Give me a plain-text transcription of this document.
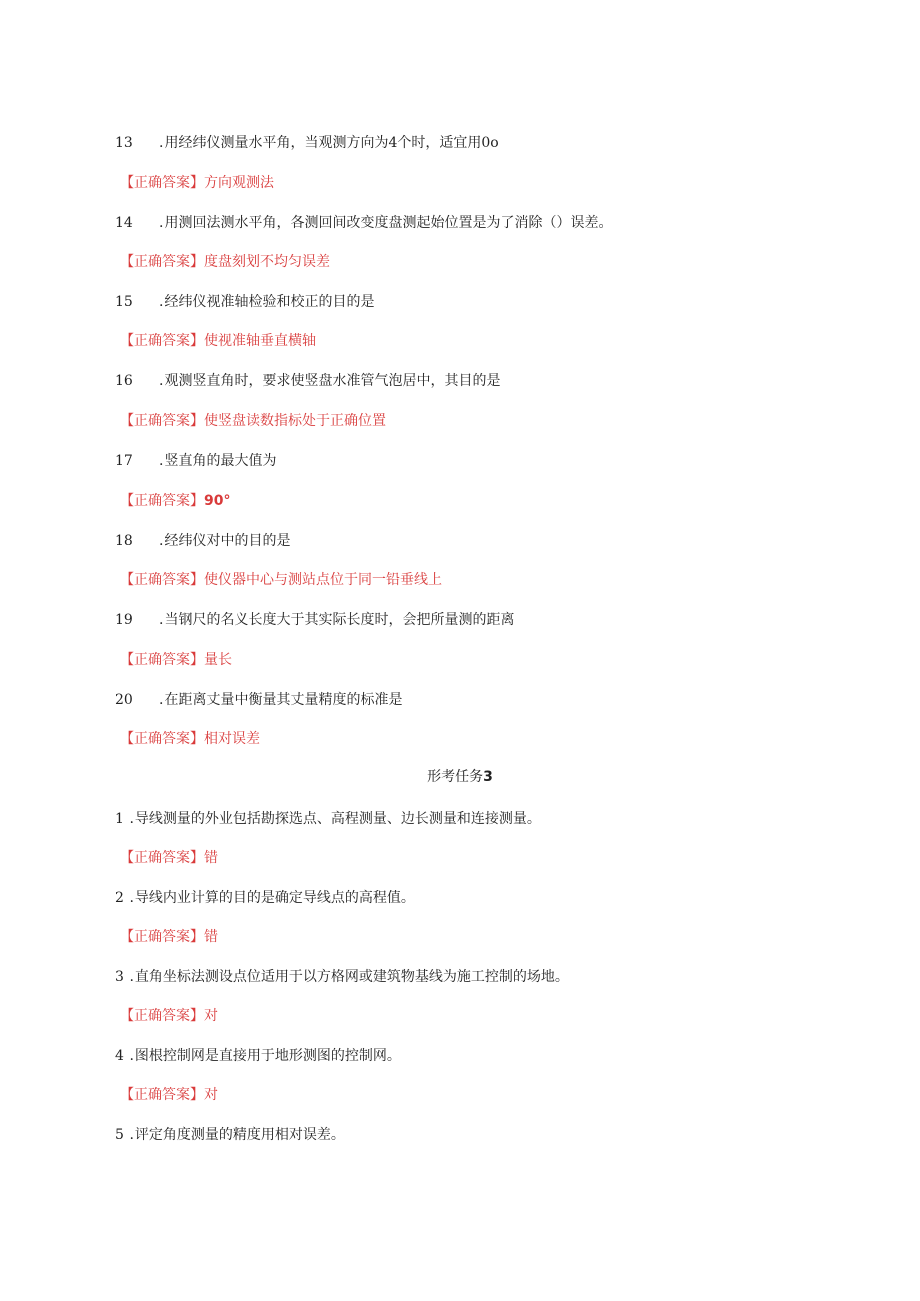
13 .用经纬仪测量水平角，当观测方向为4个时，适宜用0o
【正确答案】方向观测法
14 .用测回法测水平角，各测回间改变度盘测起始位置是为了消除（）误差。
【正确答案】度盘刻划不均匀误差
15 .经纬仪视准轴检验和校正的目的是
【正确答案】使视准轴垂直横轴
16 .观测竖直角时，要求使竖盘水准管气泡居中，其目的是
【正确答案】使竖盘读数指标处于正确位置
17 .竖直角的最大值为
【正确答案】90°
18 .经纬仪对中的目的是
【正确答案】使仪器中心与测站点位于同一铅垂线上
19 .当钢尺的名义长度大于其实际长度时，会把所量测的距离
【正确答案】量长
20 .在距离丈量中衡量其丈量精度的标准是
【正确答案】相对误差
形考任务3
1 .导线测量的外业包括勘探选点、高程测量、边长测量和连接测量。
【正确答案】错
2 .导线内业计算的目的是确定导线点的高程值。
【正确答案】错
3 .直角坐标法测设点位适用于以方格网或建筑物基线为施工控制的场地。
【正确答案】对
4 .图根控制网是直接用于地形测图的控制网。
【正确答案】对
5 .评定角度测量的精度用相对误差。
